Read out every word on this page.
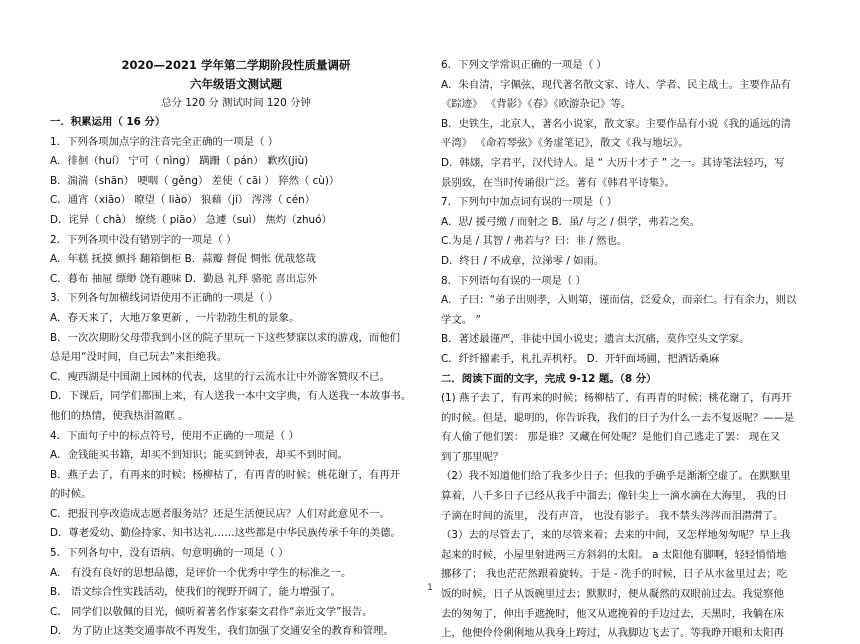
2020—2021 学年第二学期阶段性质量调研
六年级语文测试题
总分 120 分 测试时间 120 分钟
一．积累运用（ 16 分）
1．下列各项加点字的注音完全正确的一项是（ ）
A．徘徊（huí） 宁可（ nìng） 蹒跚（ pán） 歉疚(jiù)
B．湍湍（shān） 哽咽（ gěng） 差使（ cāi ） 猝然（ cù)）
C．通宵（xiāo） 暸望（ liào） 狼藉（jí） 涔涔（ cén）
D．诧异（ chà） 缭绕（ piāo） 急遽（suì） 焦灼（zhuó）
2．下列各项中没有错别字的一项是（ ）
A．年糕 抚摸 颤抖 翻箱倒柜 B．蒜瓣 督促 惆怅 优哉悠哉
C．暮布 抽屉 缥缈 饶有趣味 D．勤恳 礼拜 骆驼 喜出忘外
3．下列各句加横线词语使用不正确的一项是（ ）
A．春天来了，大地万象更新 ，一片勃勃生机的景象。
B．一次次期盼父母带我到小区的院子里玩一下这些梦寐以求的游戏，而他们
总是用“没时间，自己玩去”来拒绝我。
C．瘦西湖是中国湖上园林的代表，这里的行云流水让中外游客赞叹不已。
D．下课后，同学们都围上来，有人送我一本中文字典，有人送我一本故事书。
他们的热情，使我热泪盈眶 。
4．下面句子中的标点符号，使用不正确的一项是（ ）
A．金钱能买书籍，却买不到知识；能买到钟表，却买不到时间。
B．燕子去了，有再来的时候；杨柳枯了，有再青的时候；桃花谢了，有再开
的时候。
C．把报刊亭改造成志愿者服务站？还是生活便民店？人们对此意见不一。
D．尊老爱幼、勤俭持家、知书达礼……这些都是中华民族传承千年的美德。
5．下列各句中，没有语病、句意明确的一项是（ ）
A． 有没有良好的思想品德，是评价一个优秀中学生的标准之一。
B． 语文综合性实践活动，使我们的视野开阔了，能力增强了。
C． 同学们以敬佩的目光，倾听着著名作家秦文君作“亲近文学”报告。
D． 为了防止这类交通事故不再发生，我们加强了交通安全的教育和管理。
6．下列文学常识正确的一项是（ ）
A．朱自清，字佩弦，现代著名散文家、诗人、学者、民主战士。主要作品有
《踪迹》 《背影》《春》《欧游杂记》等。
B．史铁生，北京人，著名小说家，散文家。主要作品有小说《我的遥远的清
平湾》 《命若琴弦》《务虚笔记》，散文《我与地坛》。
D．韩翃，字君平，汉代诗人。是 “ 大历十才子 ” 之一。其诗笔法轻巧，写
景别致，在当时传诵很广泛。著有《韩君平诗集》。
7．下列句中加点词有误的一项是（ ）
A．思/ 援弓缴 / 而射之 B．虽/ 与之 / 俱学，弗若之矣。
C.为是 / 其智 / 弗若与？曰：非 / 然也。
D．终日 / 不成章，泣涕零 / 如雨。
8．下列语句有误的一项是（ ）
A．子曰：“弟子出则孝，入则第，谨而信，泛爱众，而亲仁。行有余力，则以
学文。 ”
B．著述最谨严，非徒中国小说史；遗言太沉痛，莫作空头文学家。
C．纤纤擢素手，札扎弄机杼。 D．开轩面场圃，把酒话桑麻
二．阅读下面的文字，完成 9-12 题。（8 分）
(1) 燕子去了，有再来的时候；杨柳枯了，有再青的时候；桃花谢了，有再开
的时候。但是，聪明的，你告诉我，我们的日子为什么一去不复返呢？——是
有人偷了他们罢： 那是谁？又藏在何处呢？是他们自己逃走了罢： 现在又
到了那里呢？
（2）我不知道他们给了我多少日子；但我的手确乎是渐渐空虚了。在默默里
算着，八千多日子已经从我手中溜去；像针尖上一滴水滴在大海里， 我的日
子滴在时间的流里， 没有声音， 也没有影子。 我不禁头涔涔而泪潸潸了。
（3）去的尽管去了，来的尽管来着；去来的中间，又怎样地匆匆呢？早上我
起来的时候，小屋里射进两三方斜斜的太阳。 a 太阳他有脚啊，轻轻悄悄地
挪移了； 我也茫茫然跟着旋转。于是 - 洗手的时候，日子从水盆里过去；吃
饭的时候，日子从饭碗里过去；默默时，便从凝然的双眼前过去。我觉察他
去的匆匆了，伸出手遮挽时，他又从遮挽着的手边过去，天黑时，我躺在床
上，他便伶伶俐俐地从我身上跨过，从我脚边飞去了。等我睁开眼和太阳再
1
